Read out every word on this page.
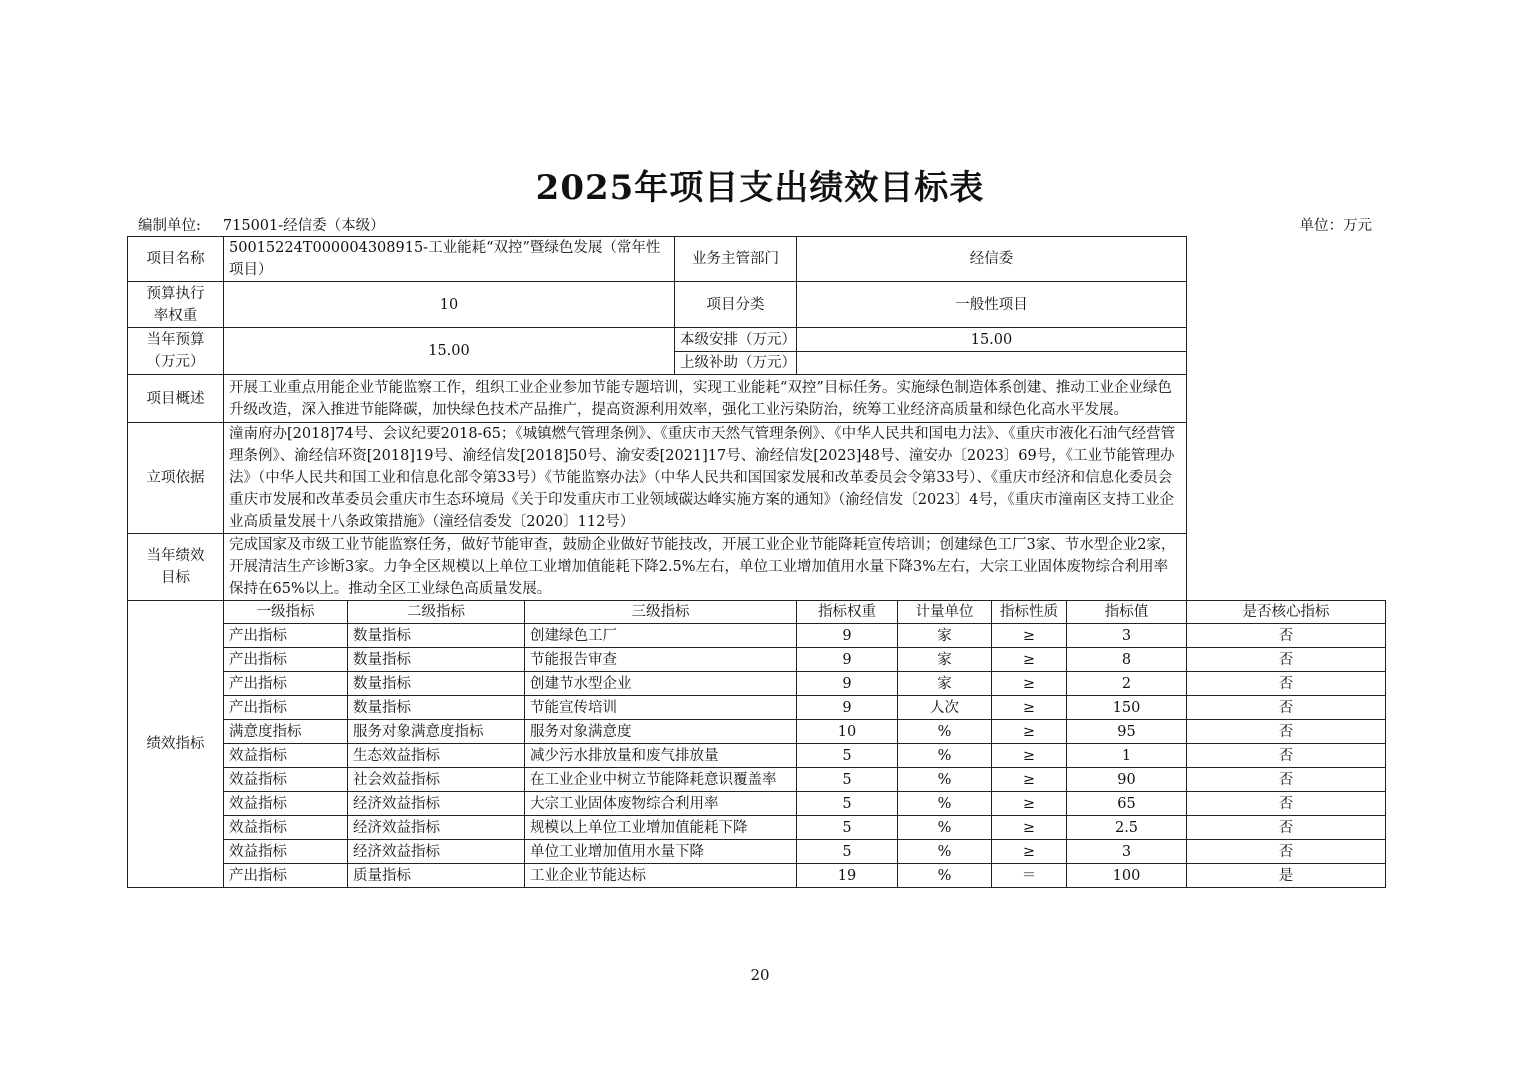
2025年项目支出绩效目标表
编制单位: 715001-经信委（本级）	单位：万元
项目名称	50015224T000004308915-工业能耗“双控”暨绿色发展（常年性项目）			业务主管部门	经信委				
预算执行
率权重	10			项目分类	一般性项目				
当年预算
（万元）	15.00			本级安排（万元）	15.00				
				上级补助（万元）					
项目概述	开展工业重点用能企业节能监察工作，组织工业企业参加节能专题培训，实现工业能耗“双控”目标任务。实施绿色制造体系创建、推动工业企业绿色升级改造，深入推进节能降碳，加快绿色技术产品推广，提高资源利用效率，强化工业污染防治，统筹工业经济高质量和绿色化高水平发展。								
立项依据	潼南府办[2018]74号、会议纪要2018-65；《城镇燃气管理条例》、《重庆市天然气管理条例》、《中华人民共和国电力法》、《重庆市液化石油气经营管理条例》、渝经信环资[2018]19号、渝经信发[2018]50号、渝安委[2021]17号、渝经信发[2023]48号、潼安办〔2023〕69号，《工业节能管理办法》（中华人民共和国工业和信息化部令第33号）《节能监察办法》（中华人民共和国国家发展和改革委员会令第33号）、《重庆市经济和信息化委员会重庆市发展和改革委员会重庆市生态环境局《关于印发重庆市工业领域碳达峰实施方案的通知》（渝经信发〔2023〕4号，《重庆市潼南区支持工业企业高质量发展十八条政策措施》（潼经信委发〔2020〕112号）								
当年绩效
目标	完成国家及市级工业节能监察任务，做好节能审查，鼓励企业做好节能技改，开展工业企业节能降耗宣传培训；创建绿色工厂3家、节水型企业2家，开展清洁生产诊断3家。力争全区规模以上单位工业增加值能耗下降2.5%左右，单位工业增加值用水量下降3%左右，大宗工业固体废物综合利用率保持在65%以上。推动全区工业绿色高质量发展。								
绩效指标	一级指标	二级指标	三级指标		指标权重	计量单位	指标性质	指标值	是否核心指标
	产出指标	数量指标	创建绿色工厂		9	家	≥	3	否
	产出指标	数量指标	节能报告审查		9	家	≥	8	否
	产出指标	数量指标	创建节水型企业		9	家	≥	2	否
	产出指标	数量指标	节能宣传培训		9	人次	≥	150	否
	满意度指标	服务对象满意度指标	服务对象满意度		10	%	≥	95	否
	效益指标	生态效益指标	减少污水排放量和废气排放量		5	%	≥	1	否
	效益指标	社会效益指标	在工业企业中树立节能降耗意识覆盖率		5	%	≥	90	否
	效益指标	经济效益指标	大宗工业固体废物综合利用率		5	%	≥	65	否
	效益指标	经济效益指标	规模以上单位工业增加值能耗下降		5	%	≥	2.5	否
	效益指标	经济效益指标	单位工业增加值用水量下降		5	%	≥	3	否
	产出指标	质量指标	工业企业节能达标		19	%	＝	100	是
20
